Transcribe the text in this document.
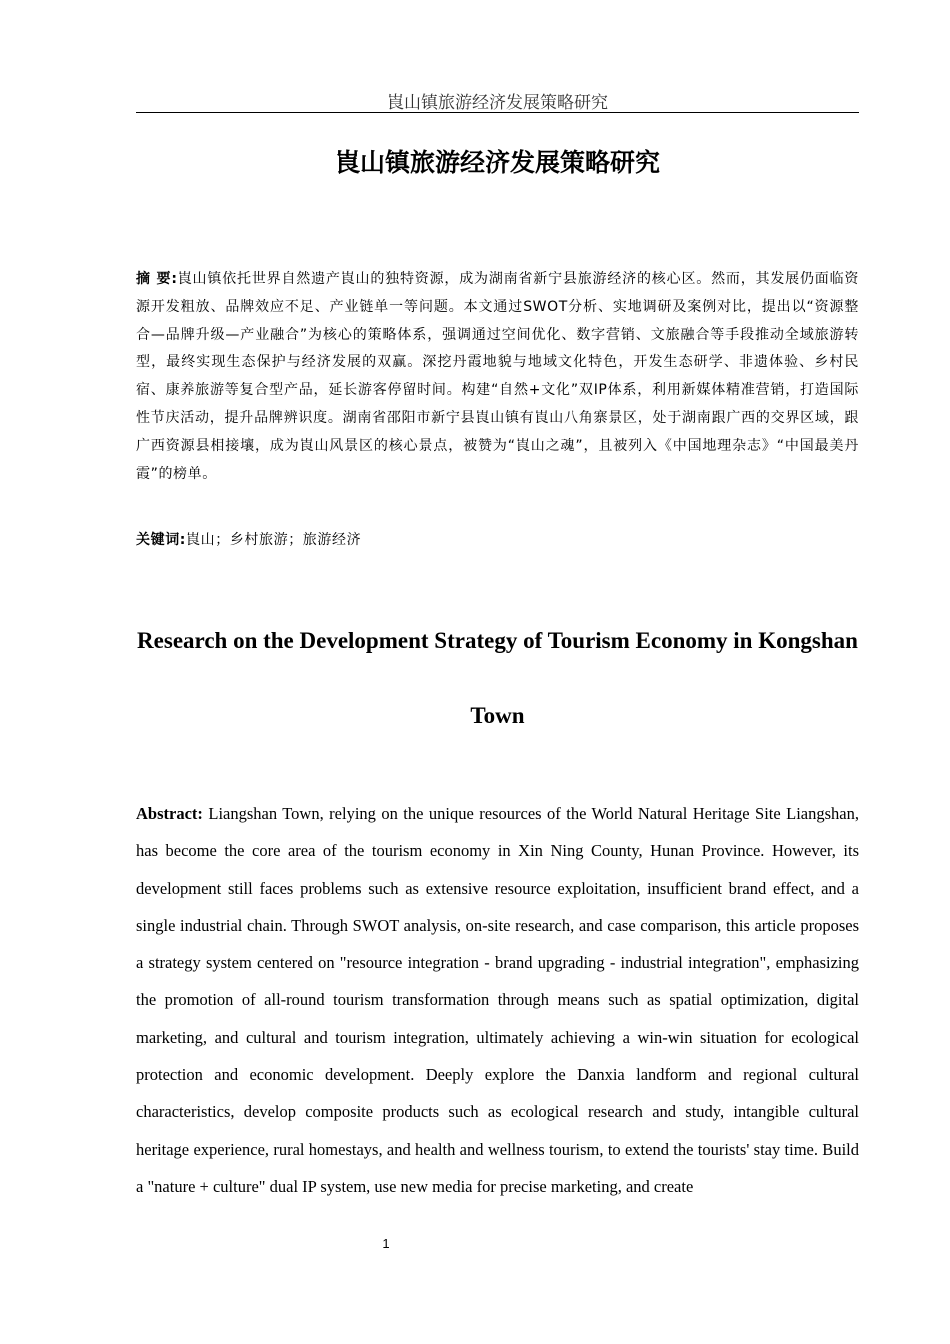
崀山镇旅游经济发展策略研究
崀山镇旅游经济发展策略研究

摘 要:崀山镇依托世界自然遗产崀山的独特资源，成为湖南省新宁县旅游经济的核心区。然而，其发展仍面临资源开发粗放、品牌效应不足、产业链单一等问题。本文通过SWOT分析、实地调研及案例对比，提出以“资源整合—品牌升级—产业融合”为核心的策略体系，强调通过空间优化、数字营销、文旅融合等手段推动全域旅游转型，最终实现生态保护与经济发展的双赢。深挖丹霞地貌与地域文化特色，开发生态研学、非遗体验、乡村民宿、康养旅游等复合型产品，延长游客停留时间。构建“自然+文化”双IP体系，利用新媒体精准营销，打造国际性节庆活动，提升品牌辨识度。湖南省邵阳市新宁县崀山镇有崀山八角寨景区，处于湖南跟广西的交界区域，跟广西资源县相接壤，成为崀山风景区的核心景点，被赞为“崀山之魂”，且被列入《中国地理杂志》“中国最美丹霞”的榜单。

关键词:崀山；乡村旅游；旅游经济

Research on the Development Strategy of Tourism Economy in Kongshan Town

Abstract: Liangshan Town, relying on the unique resources of the World Natural Heritage Site Liangshan, has become the core area of the tourism economy in Xin Ning County, Hunan Province. However, its development still faces problems such as extensive resource exploitation, insufficient brand effect, and a single industrial chain. Through SWOT analysis, on-site research, and case comparison, this article proposes a strategy system centered on "resource integration - brand upgrading - industrial integration", emphasizing the promotion of all-round tourism transformation through means such as spatial optimization, digital marketing, and cultural and tourism integration, ultimately achieving a win-win situation for ecological protection and economic development. Deeply explore the Danxia landform and regional cultural characteristics, develop composite products such as ecological research and study, intangible cultural heritage experience, rural homestays, and health and wellness tourism, to extend the tourists' stay time. Build a "nature + culture" dual IP system, use new media for precise marketing, and create

1
